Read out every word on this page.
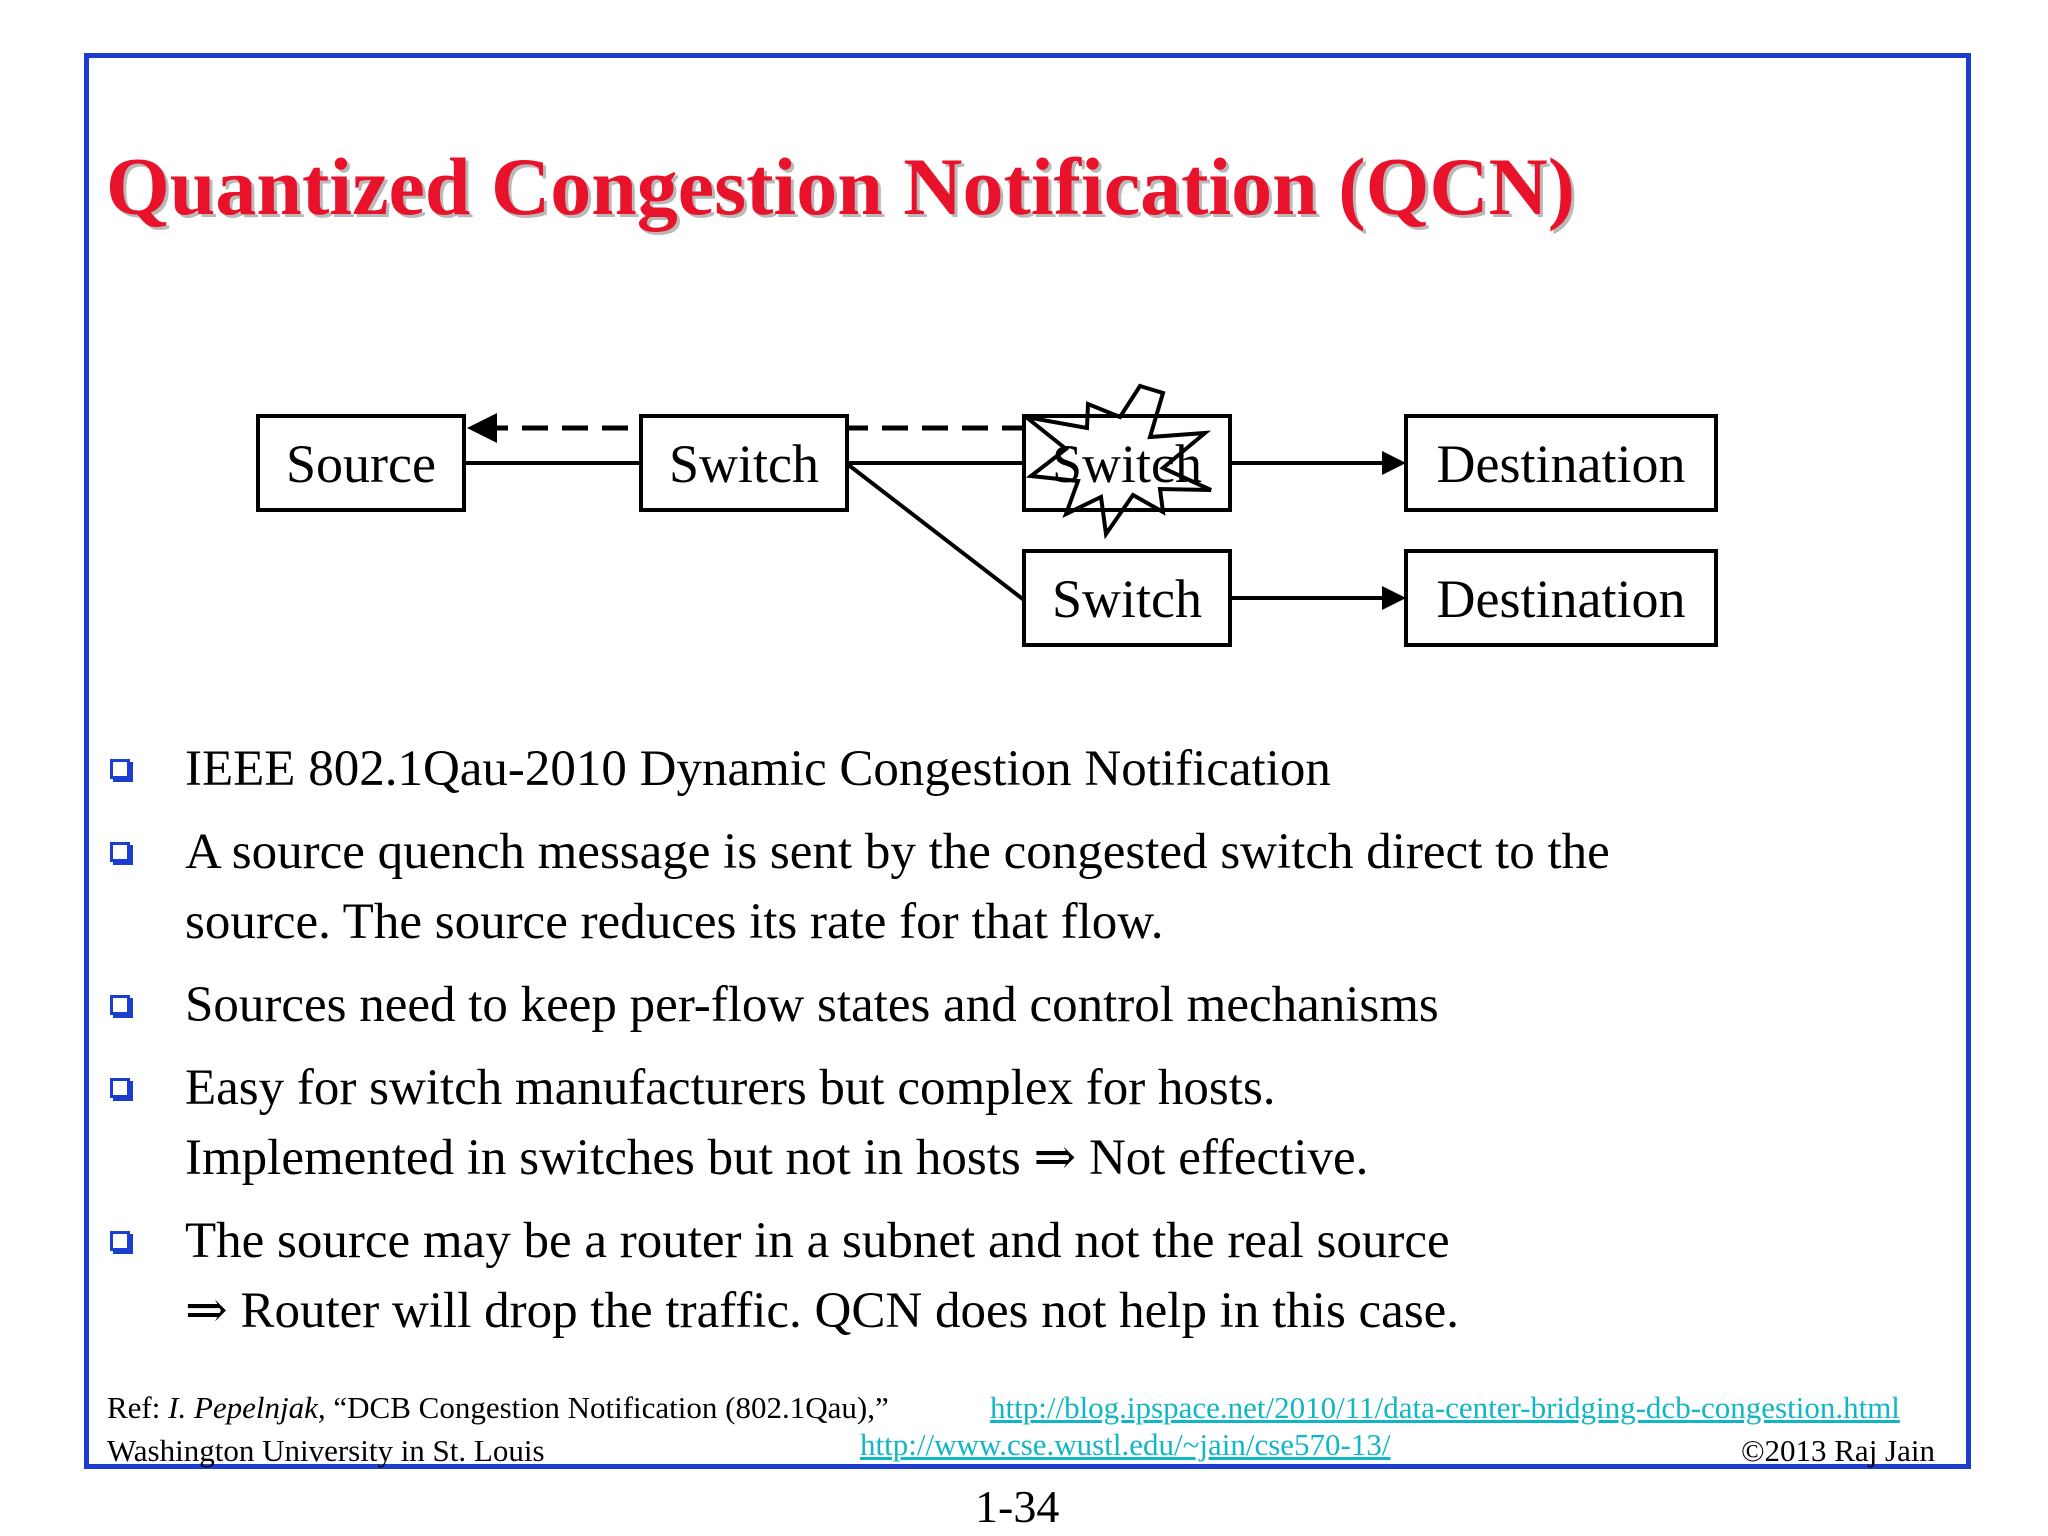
Quantized Congestion Notification (QCN)
Source	Switch	Switch
Switch
Destination
Destination
IEEE 802.1Qau-2010 Dynamic Congestion Notification
A source quench message is sent by the congested switch direct to the
source. The source reduces its rate for that flow.
Sources need to keep per-flow states and control mechanisms
Easy for switch manufacturers but complex for hosts.
Implemented in switches but not in hosts ⇒ Not effective.
The source may be a router in a subnet and not the real source
⇒ Router will drop the traffic. QCN does not help in this case.
Ref: I. Pepelnjak, “DCB Congestion Notification (802.1Qau),”	http://blog.ipspace.net/2010/11/data-center-bridging-dcb-congestion.html
http://www.cse.wustl.edu/~jain/cse570-13/
Washington University in St. Louis	©2013 Raj Jain
1-34
